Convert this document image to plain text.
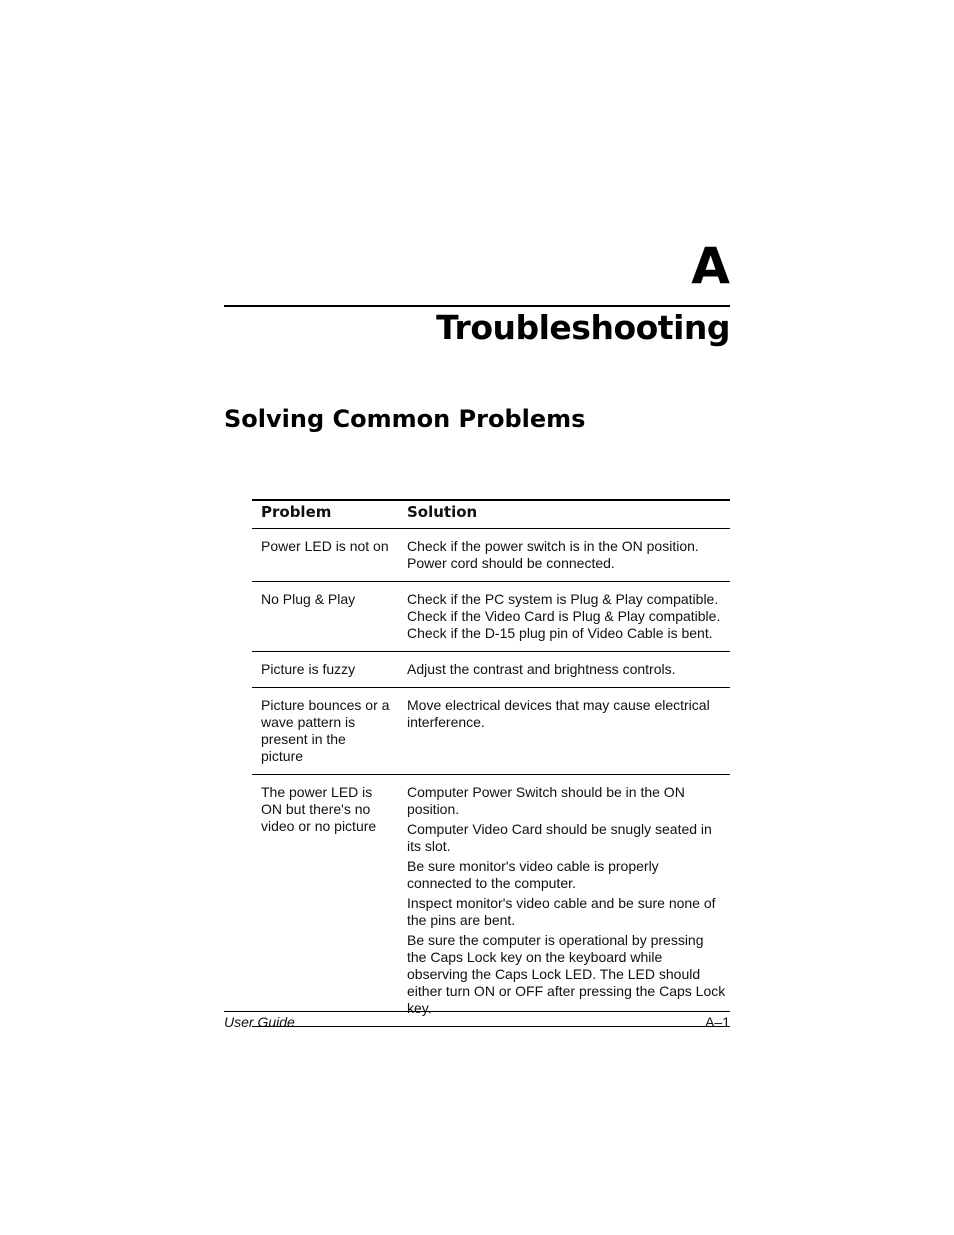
A
Troubleshooting
Solving Common Problems
Problem	Solution
Power LED is not on	Check if the power switch is in the ON position.
Power cord should be connected.

No Plug & Play	Check if the PC system is Plug & Play compatible.
Check if the Video Card is Plug & Play compatible.
Check if the D-15 plug pin of Video Cable is bent.

Picture is fuzzy	Adjust the contrast and brightness controls.

Picture bounces or a wave pattern is present in the picture	Move electrical devices that may cause electrical interference.

The power LED is ON but there's no video or no picture	Computer Power Switch should be in the ON position.
Computer Video Card should be snugly seated in its slot.
Be sure monitor's video cable is properly connected to the computer.
Inspect monitor's video cable and be sure none of the pins are bent.
Be sure the computer is operational by pressing the Caps Lock key on the keyboard while observing the Caps Lock LED. The LED should either turn ON or OFF after pressing the Caps Lock key.
User Guide	A–1
